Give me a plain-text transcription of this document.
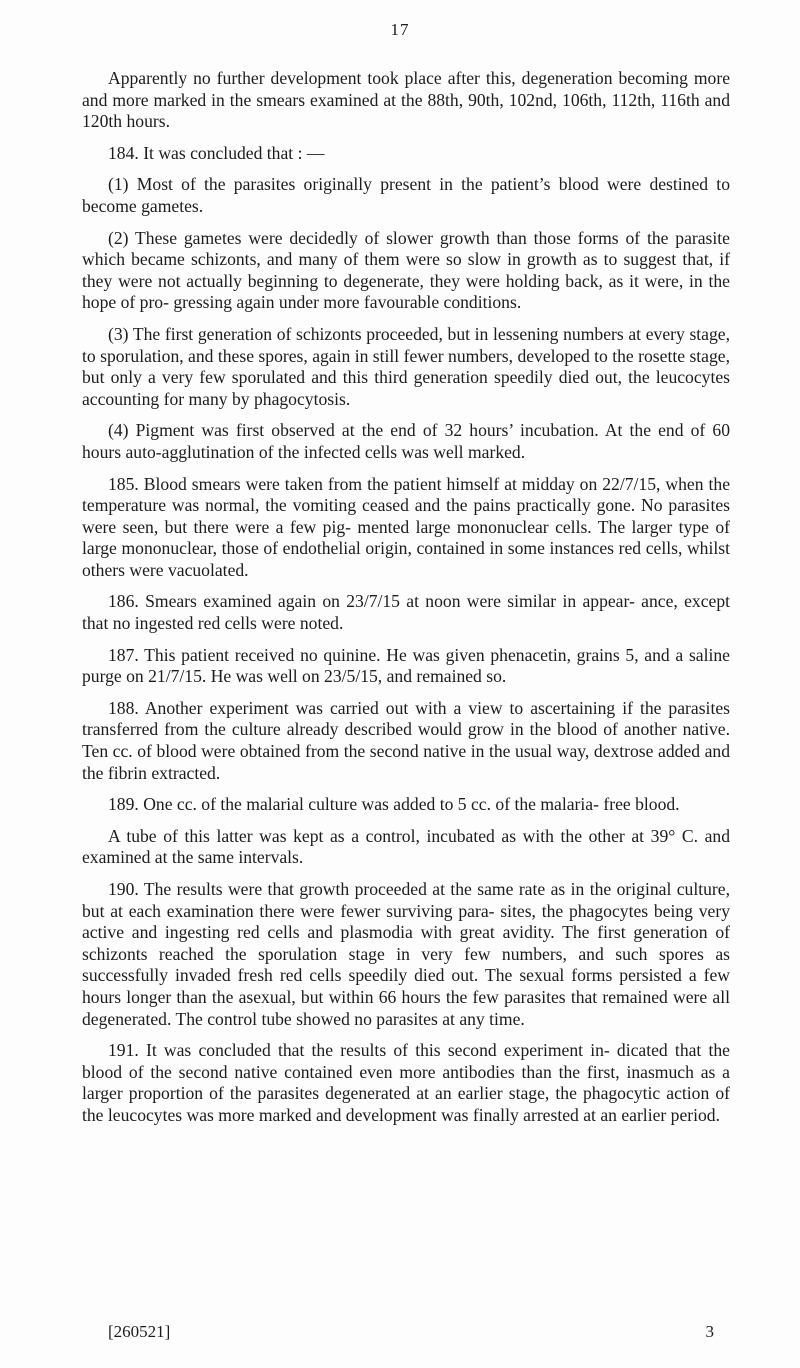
17

Apparently no further development took place after this, degeneration becoming more and more marked in the smears examined at the 88th, 90th, 102nd, 106th, 112th, 116th and 120th hours.

184. It was concluded that : —

(1) Most of the parasites originally present in the patient’s blood were destined to become gametes.

(2) These gametes were decidedly of slower growth than those forms of the parasite which became schizonts, and many of them were so slow in growth as to suggest that, if they were not actually beginning to degenerate, they were holding back, as it were, in the hope of pro- gressing again under more favourable conditions.

(3) The first generation of schizonts proceeded, but in lessening numbers at every stage, to sporulation, and these spores, again in still fewer numbers, developed to the rosette stage, but only a very few sporulated and this third generation speedily died out, the leucocytes accounting for many by phagocytosis.

(4) Pigment was first observed at the end of 32 hours’ incubation. At the end of 60 hours auto-agglutination of the infected cells was well marked.

185. Blood smears were taken from the patient himself at midday on 22/7/15, when the temperature was normal, the vomiting ceased and the pains practically gone. No parasites were seen, but there were a few pig- mented large mononuclear cells. The larger type of large mononuclear, those of endothelial origin, contained in some instances red cells, whilst others were vacuolated.

186. Smears examined again on 23/7/15 at noon were similar in appear- ance, except that no ingested red cells were noted.

187. This patient received no quinine. He was given phenacetin, grains 5, and a saline purge on 21/7/15. He was well on 23/5/15, and remained so.

188. Another experiment was carried out with a view to ascertaining if the parasites transferred from the culture already described would grow in the blood of another native. Ten cc. of blood were obtained from the second native in the usual way, dextrose added and the fibrin extracted.

189. One cc. of the malarial culture was added to 5 cc. of the malaria- free blood.

A tube of this latter was kept as a control, incubated as with the other at 39° C. and examined at the same intervals.

190. The results were that growth proceeded at the same rate as in the original culture, but at each examination there were fewer surviving para- sites, the phagocytes being very active and ingesting red cells and plasmodia with great avidity. The first generation of schizonts reached the sporulation stage in very few numbers, and such spores as successfully invaded fresh red cells speedily died out. The sexual forms persisted a few hours longer than the asexual, but within 66 hours the few parasites that remained were all degenerated. The control tube showed no parasites at any time.

191. It was concluded that the results of this second experiment in- dicated that the blood of the second native contained even more antibodies than the first, inasmuch as a larger proportion of the parasites degenerated at an earlier stage, the phagocytic action of the leucocytes was more marked and development was finally arrested at an earlier period.

[260521]	3
